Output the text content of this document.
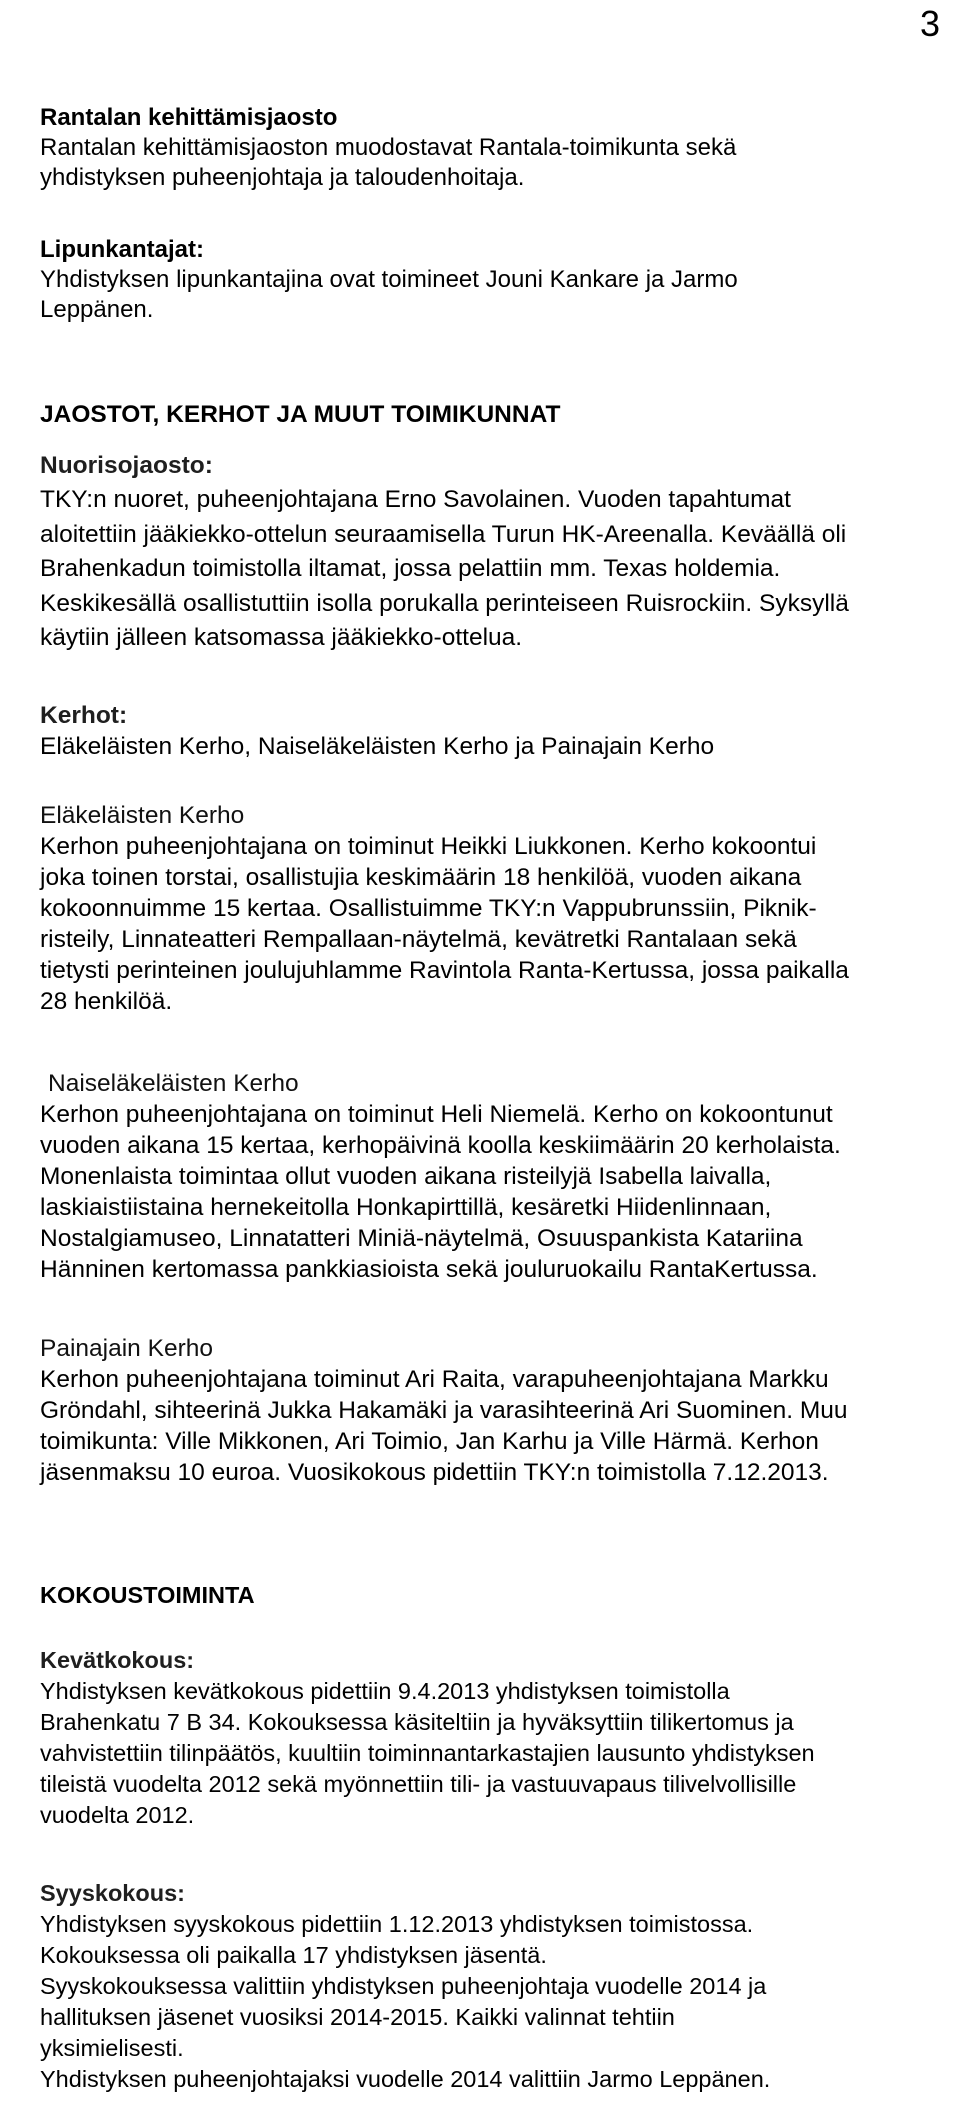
3

Rantalan kehittämisjaosto

Rantalan kehittämisjaoston muodostavat Rantala-toimikunta sekä

yhdistyksen puheenjohtaja ja taloudenhoitaja.

Lipunkantajat:

Yhdistyksen lipunkantajina ovat toimineet Jouni Kankare ja Jarmo

Leppänen.

JAOSTOT, KERHOT JA MUUT TOIMIKUNNAT

Nuorisojaosto:

TKY:n nuoret, puheenjohtajana Erno Savolainen. Vuoden tapahtumat

aloitettiin jääkiekko-ottelun seuraamisella Turun HK-Areenalla. Keväällä oli

Brahenkadun toimistolla iltamat, jossa pelattiin mm. Texas holdemia.

Keskikesällä osallistuttiin isolla porukalla perinteiseen Ruisrockiin. Syksyllä

käytiin jälleen katsomassa jääkiekko-ottelua.

Kerhot:

Eläkeläisten Kerho, Naiseläkeläisten Kerho ja Painajain Kerho

Eläkeläisten Kerho

Kerhon puheenjohtajana on toiminut Heikki Liukkonen. Kerho kokoontui

joka toinen torstai, osallistujia keskimäärin 18 henkilöä, vuoden aikana

kokoonnuimme 15 kertaa. Osallistuimme TKY:n Vappubrunssiin, Piknik-

risteily, Linnateatteri Rempallaan-näytelmä, kevätretki Rantalaan sekä

tietysti perinteinen joulujuhlamme Ravintola Ranta-Kertussa, jossa paikalla

28 henkilöä.

Naiseläkeläisten Kerho

Kerhon puheenjohtajana on toiminut Heli Niemelä. Kerho on kokoontunut

vuoden aikana 15 kertaa, kerhopäivinä koolla keskiimäärin 20 kerholaista.

Monenlaista toimintaa ollut vuoden aikana risteilyjä Isabella laivalla,

laskiaistiistaina hernekeitolla Honkapirttillä, kesäretki Hiidenlinnaan,

Nostalgiamuseo, Linnatatteri Miniä-näytelmä, Osuuspankista Katariina

Hänninen kertomassa pankkiasioista sekä jouluruokailu RantaKertussa.

Painajain Kerho

Kerhon puheenjohtajana toiminut Ari Raita, varapuheenjohtajana Markku

Gröndahl, sihteerinä Jukka Hakamäki ja varasihteerinä Ari Suominen. Muu

toimikunta: Ville Mikkonen, Ari Toimio, Jan Karhu ja Ville Härmä. Kerhon

jäsenmaksu 10 euroa. Vuosikokous pidettiin TKY:n toimistolla 7.12.2013.

KOKOUSTOIMINTA

Kevätkokous:

Yhdistyksen kevätkokous pidettiin 9.4.2013 yhdistyksen toimistolla

Brahenkatu 7 B 34. Kokouksessa käsiteltiin ja hyväksyttiin tilikertomus ja

vahvistettiin tilinpäätös, kuultiin toiminnantarkastajien lausunto yhdistyksen

tileistä vuodelta 2012 sekä myönnettiin tili- ja vastuuvapaus tilivelvollisille

vuodelta 2012.

Syyskokous:

Yhdistyksen syyskokous pidettiin 1.12.2013 yhdistyksen toimistossa.

Kokouksessa oli paikalla 17 yhdistyksen jäsentä.

Syyskokouksessa valittiin yhdistyksen puheenjohtaja vuodelle 2014 ja

hallituksen jäsenet vuosiksi 2014-2015. Kaikki valinnat tehtiin

yksimielisesti.

Yhdistyksen puheenjohtajaksi vuodelle 2014 valittiin Jarmo Leppänen.
